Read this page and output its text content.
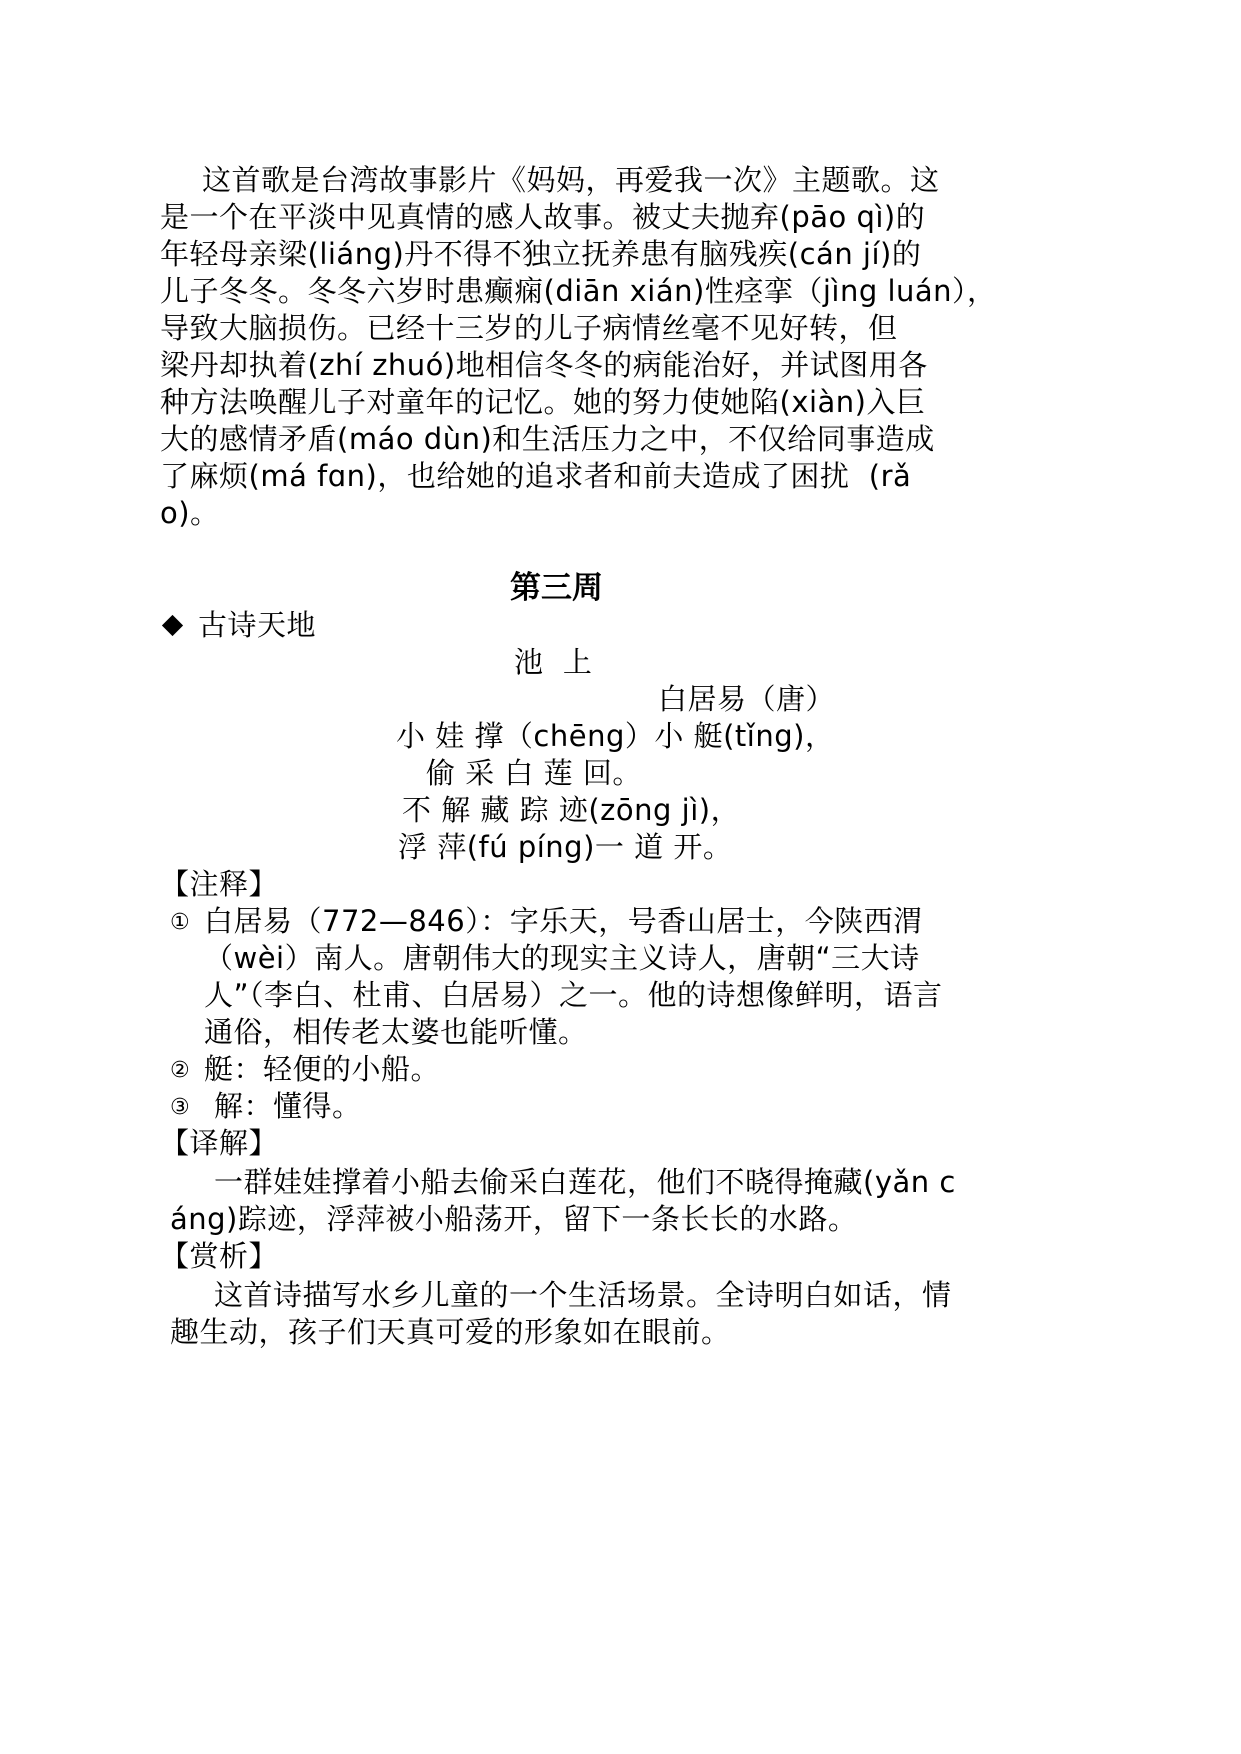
这首歌是台湾故事影片《妈妈，再爱我一次》主题歌。这
是一个在平淡中见真情的感人故事。被丈夫抛弃(pāo qì)的
年轻母亲梁(liáng)丹不得不独立抚养患有脑残疾(cán jí)的
儿子冬冬。冬冬六岁时患癫痫(diān xián)性痉挛（jìng luán），
导致大脑损伤。已经十三岁的儿子病情丝毫不见好转，但
梁丹却执着(zhí zhuó)地相信冬冬的病能治好，并试图用各
种方法唤醒儿子对童年的记忆。她的努力使她陷(xiàn)入巨
大的感情矛盾(máo dùn)和生活压力之中，不仅给同事造成
了麻烦(má fɑn)，也给她的追求者和前夫造成了困扰  (rǎ
o)。
第三周
古诗天地
池  上
白居易（唐）
小 娃 撑（chēng）小 艇(tǐng)，
偷 采 白 莲 回。
不 解 藏 踪 迹(zōng jì)，
浮 萍(fú píng)一 道 开。
【注释】
① 白居易（772—846）：字乐天，号香山居士，今陕西渭
（wèi）南人。唐朝伟大的现实主义诗人，唐朝“三大诗
人”（李白、杜甫、白居易）之一。他的诗想像鲜明，语言
通俗，相传老太婆也能听懂。
② 艇：轻便的小船。
③ 解：懂得。
【译解】
一群娃娃撑着小船去偷采白莲花，他们不晓得掩藏(yǎn c
áng)踪迹，浮萍被小船荡开，留下一条长长的水路。
【赏析】
这首诗描写水乡儿童的一个生活场景。全诗明白如话，情
趣生动，孩子们天真可爱的形象如在眼前。
